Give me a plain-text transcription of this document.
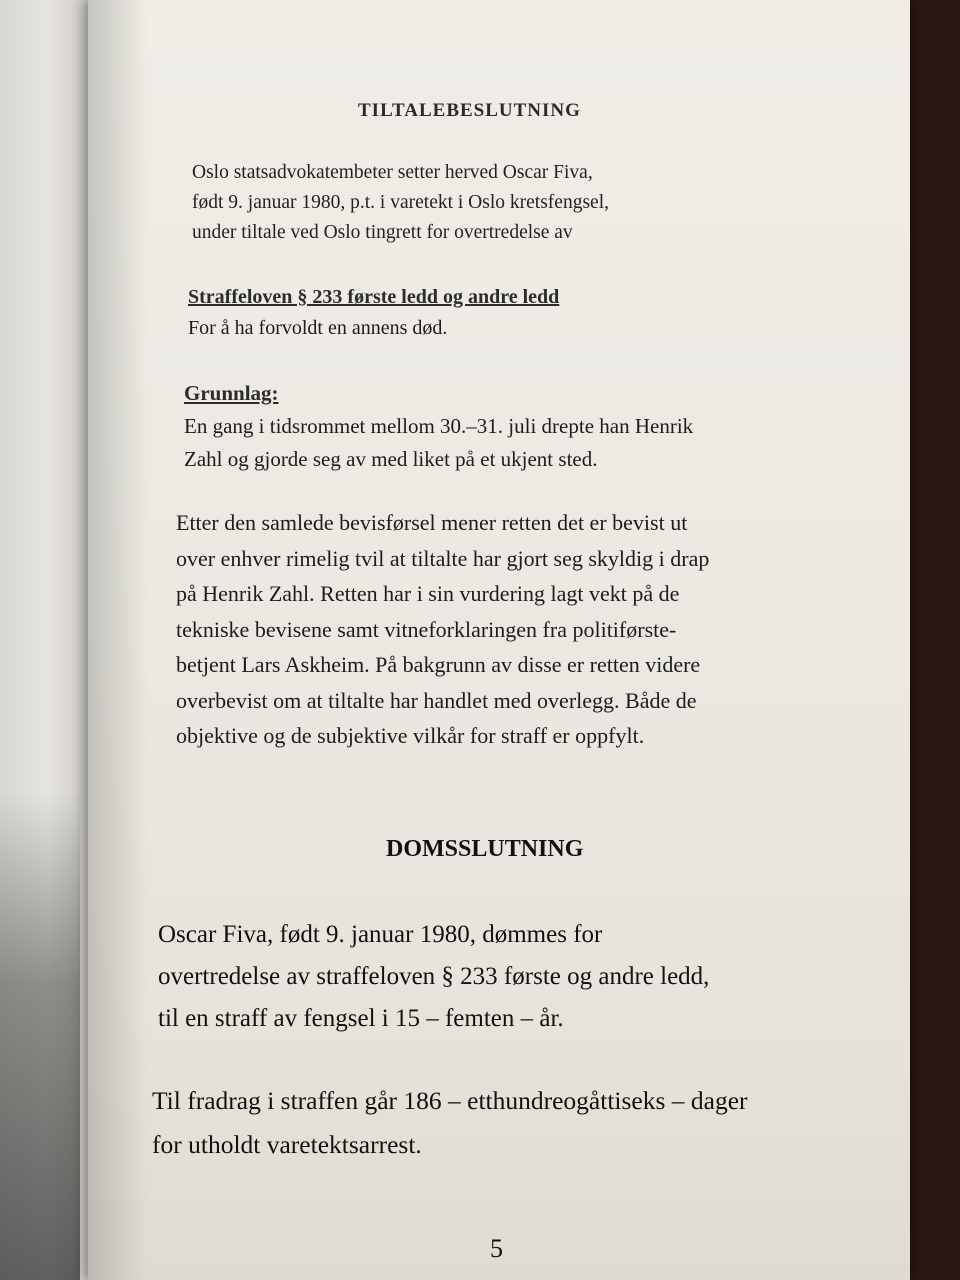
TILTALEBESLUTNING

Oslo statsadvokatembeter setter herved Oscar Fiva,
født 9. januar 1980, p.t. i varetekt i Oslo kretsfengsel,
under tiltale ved Oslo tingrett for overtredelse av
Straffeloven § 233 første ledd og andre ledd
For å ha forvoldt en annens død.
Grunnlag:
En gang i tidsrommet mellom 30.–31. juli drepte han Henrik
Zahl og gjorde seg av med liket på et ukjent sted.
Etter den samlede bevisførsel mener retten det er bevist ut
over enhver rimelig tvil at tiltalte har gjort seg skyldig i drap
på Henrik Zahl. Retten har i sin vurdering lagt vekt på de
tekniske bevisene samt vitneforklaringen fra politiførste-
betjent Lars Askheim. På bakgrunn av disse er retten videre
overbevist om at tiltalte har handlet med overlegg. Både de
objektive og de subjektive vilkår for straff er oppfylt.

DOMSSLUTNING

Oscar Fiva, født 9. januar 1980, dømmes for
overtredelse av straffeloven § 233 første og andre ledd,
til en straff av fengsel i 15 – femten – år.
Til fradrag i straffen går 186 – etthundreogåttiseks – dager
for utholdt varetektsarrest.

5
